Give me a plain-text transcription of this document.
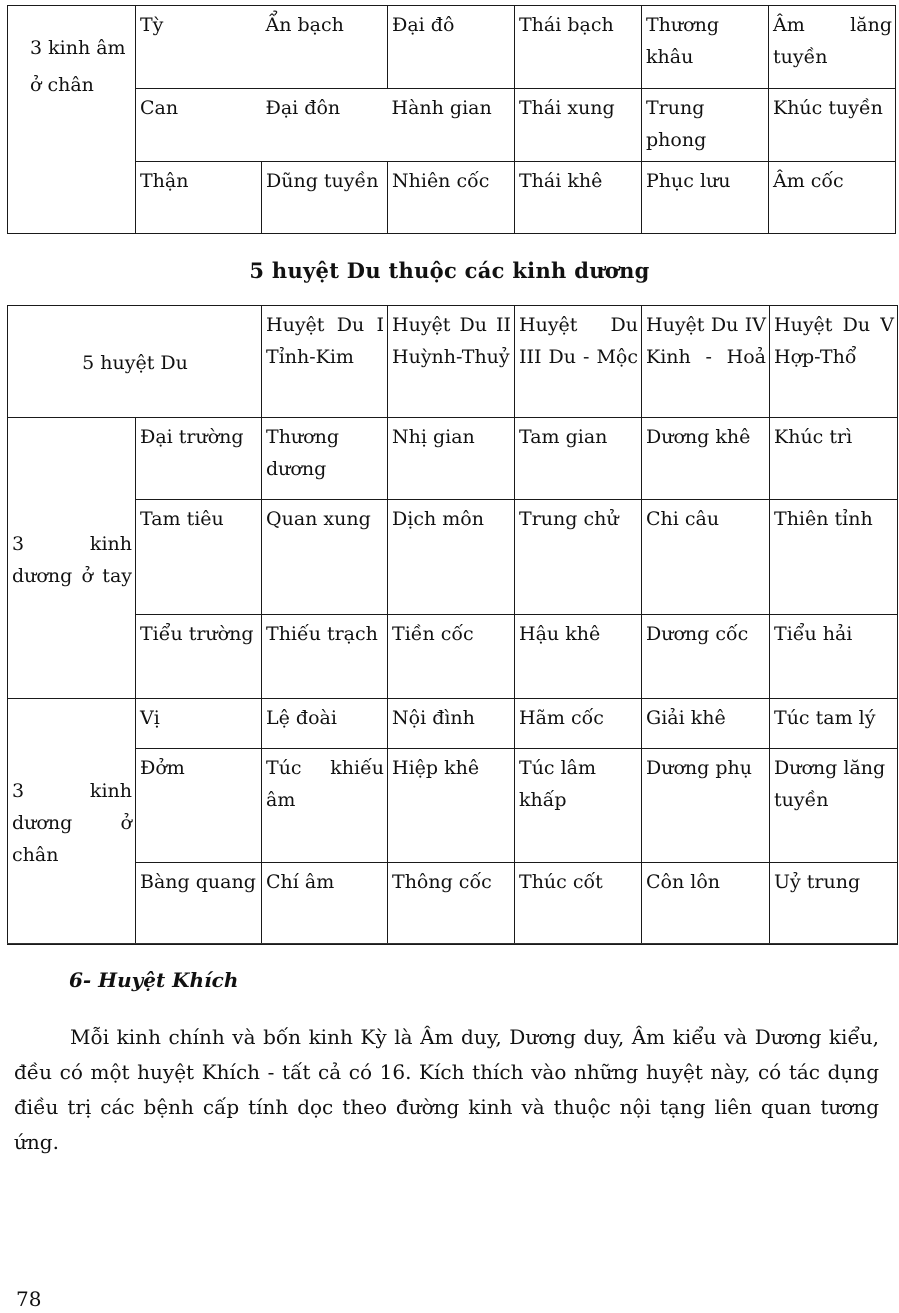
3 kinh âm ở chân	Tỳ	Ẩn bạch	Đại đô	Thái bạch	Thương khâu	Âm lăng tuyền
	Can	Đại đôn	Hành gian	Thái xung	Trung phong	Khúc tuyền
	Thận	Dũng tuyền	Nhiên cốc	Thái khê	Phục lưu	Âm cốc
5 huyệt Du thuộc các kinh dương
5 huyệt Du		Huyệt Du I Tỉnh-Kim	Huyệt Du II Huỳnh-Thuỷ	Huyệt Du III Du - Mộc	Huyệt Du IV Kinh - Hoả	Huyệt Du V Hợp-Thổ
3 kinh dương ở tay	Đại trường	Thương dương	Nhị gian	Tam gian	Dương khê	Khúc trì
	Tam tiêu	Quan xung	Dịch môn	Trung chử	Chi câu	Thiên tỉnh
	Tiểu trường	Thiếu trạch	Tiền cốc	Hậu khê	Dương cốc	Tiểu hải
3 kinh dương ở chân	Vị	Lệ đoài	Nội đình	Hãm cốc	Giải khê	Túc tam lý
	Đởm	Túc khiếu âm	Hiệp khê	Túc lâm khấp	Dương phụ	Dương lăng tuyền
	Bàng quang	Chí âm	Thông cốc	Thúc cốt	Côn lôn	Uỷ trung
6- Huyệt Khích
Mỗi kinh chính và bốn kinh Kỳ là Âm duy, Dương duy, Âm kiểu và Dương kiểu, đều có một huyệt Khích - tất cả có 16. Kích thích vào những huyệt này, có tác dụng điều trị các bệnh cấp tính dọc theo đường kinh và thuộc nội tạng liên quan tương ứng.
78
